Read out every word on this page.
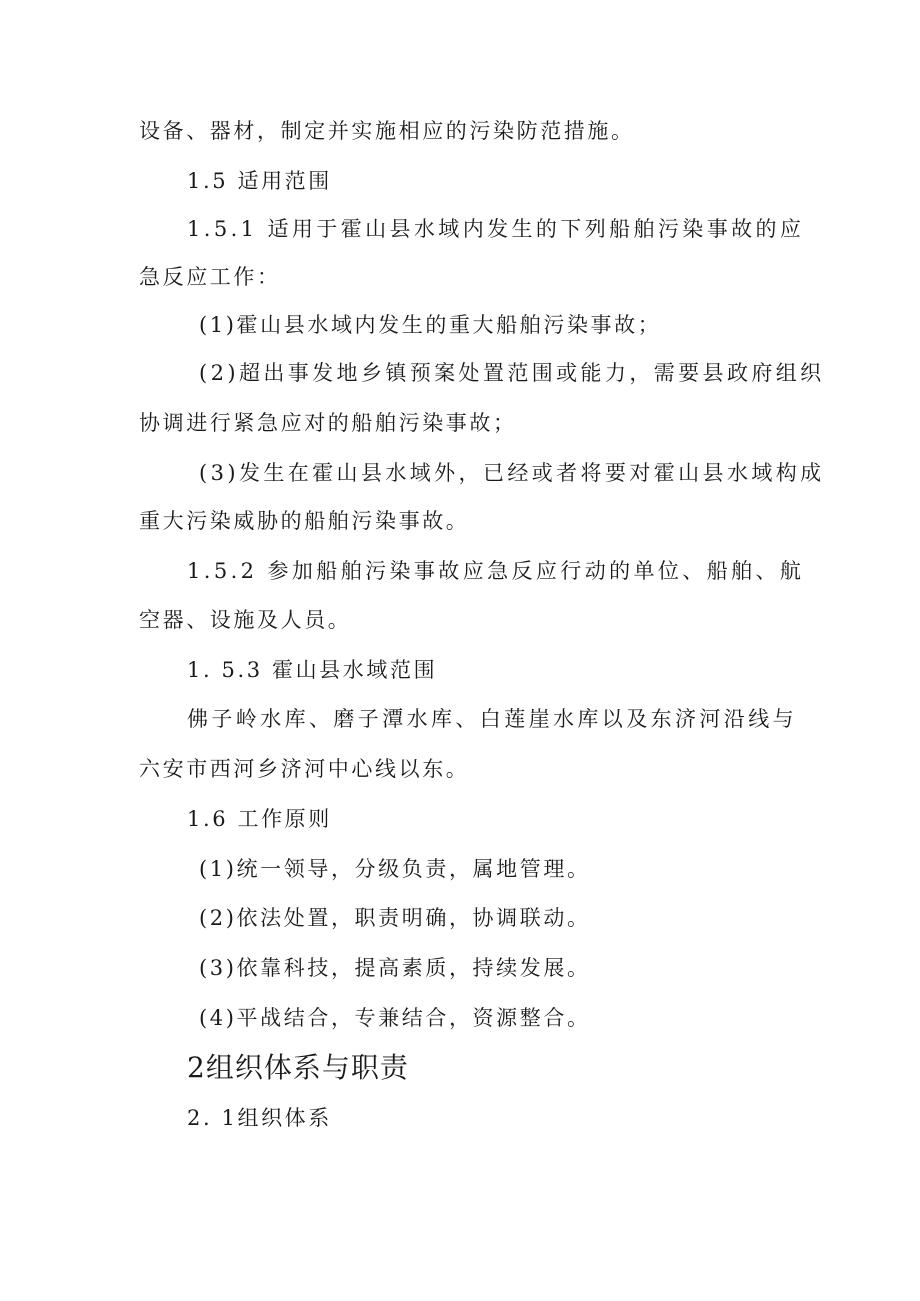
设备、器材，制定并实施相应的污染防范措施。
1.5 适用范围
1.5.1 适用于霍山县水域内发生的下列船舶污染事故的应
急反应工作：
(1)霍山县水域内发生的重大船舶污染事故；
(2)超出事发地乡镇预案处置范围或能力，需要县政府组织
协调进行紧急应对的船舶污染事故；
(3)发生在霍山县水域外，已经或者将要对霍山县水域构成
重大污染威胁的船舶污染事故。
1.5.2 参加船舶污染事故应急反应行动的单位、船舶、航
空器、设施及人员。
1. 5.3 霍山县水域范围
佛子岭水库、磨子潭水库、白莲崖水库以及东济河沿线与
六安市西河乡济河中心线以东。
1.6 工作原则
(1)统一领导，分级负责，属地管理。
(2)依法处置，职责明确，协调联动。
(3)依靠科技，提高素质，持续发展。
(4)平战结合，专兼结合，资源整合。
2组织体系与职责
2. 1组织体系
